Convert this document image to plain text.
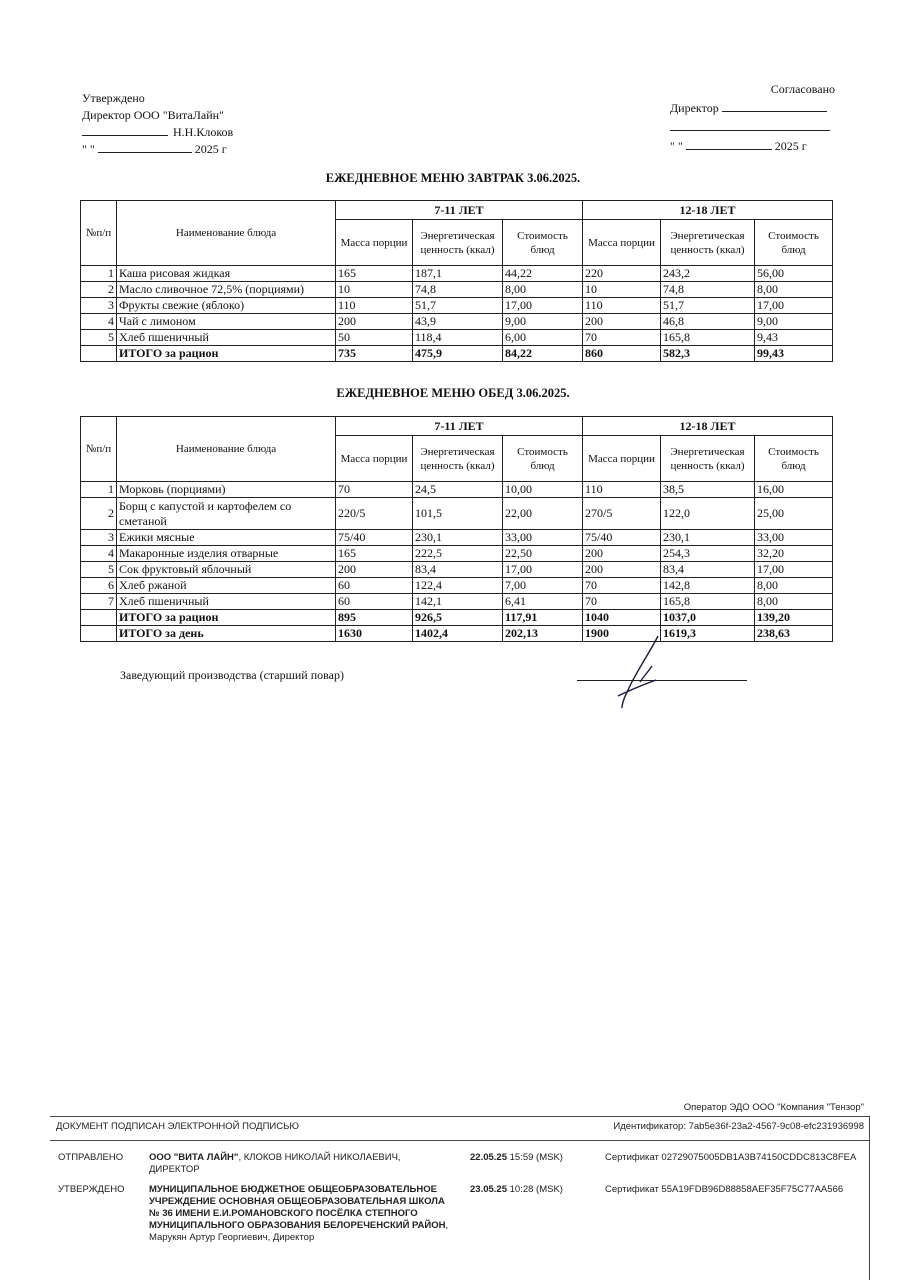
Утверждено
Директор ООО "ВитаЛайн"
Н.Н.Клоков
" "	2025 г
Согласовано
Директор
" "	2025 г
ЕЖЕДНЕВНОЕ МЕНЮ ЗАВТРАК 3.06.2025.
№п/п	Наименование блюда	7-11 ЛЕТ			12-18 ЛЕТ		
		Масса порции	Энергетическая ценность (ккал)	Стоимость блюд	Масса порции	Энергетическая ценность (ккал)	Стоимость блюд
1	Каша рисовая жидкая	165	187,1	44,22	220	243,2	56,00
2	Масло сливочное 72,5% (порциями)	10	74,8	8,00	10	74,8	8,00
3	Фрукты свежие (яблоко)	110	51,7	17,00	110	51,7	17,00
4	Чай с лимоном	200	43,9	9,00	200	46,8	9,00
5	Хлеб пшеничный	50	118,4	6,00	70	165,8	9,43
	ИТОГО за рацион	735	475,9	84,22	860	582,3	99,43
ЕЖЕДНЕВНОЕ МЕНЮ ОБЕД 3.06.2025.
№п/п	Наименование блюда	7-11 ЛЕТ			12-18 ЛЕТ		
		Масса порции	Энергетическая ценность (ккал)	Стоимость блюд	Масса порции	Энергетическая ценность (ккал)	Стоимость блюд
1	Морковь (порциями)	70	24,5	10,00	110	38,5	16,00
2	Борщ с капустой и картофелем со сметаной	220/5	101,5	22,00	270/5	122,0	25,00
3	Ежики мясные	75/40	230,1	33,00	75/40	230,1	33,00
4	Макаронные изделия отварные	165	222,5	22,50	200	254,3	32,20
5	Сок фруктовый яблочный	200	83,4	17,00	200	83,4	17,00
6	Хлеб ржаной	60	122,4	7,00	70	142,8	8,00
7	Хлеб пшеничный	60	142,1	6,41	70	165,8	8,00
	ИТОГО за рацион	895	926,5	117,91	1040	1037,0	139,20
	ИТОГО за день	1630	1402,4	202,13	1900	1619,3	238,63
Заведующий производства (старший повар)
Оператор ЭДО ООО "Компания "Тензор"
ДОКУМЕНТ ПОДПИСАН ЭЛЕКТРОННОЙ ПОДПИСЬЮ	Идентификатор: 7ab5e36f-23a2-4567-9c08-efc231936998
ОТПРАВЛЕНО	ООО "ВИТА ЛАЙН", КЛОКОВ НИКОЛАЙ НИКОЛАЕВИЧ, ДИРЕКТОР
22.05.25 15:59 (MSK)	Сертификат 02729075005DB1A3B74150CDDC813C8FEA
УТВЕРЖДЕНО	МУНИЦИПАЛЬНОЕ БЮДЖЕТНОЕ ОБЩЕОБРАЗОВАТЕЛЬНОЕ УЧРЕЖДЕНИЕ ОСНОВНАЯ ОБЩЕОБРАЗОВАТЕЛЬНАЯ ШКОЛА № 36 ИМЕНИ Е.И.РОМАНОВСКОГО ПОСЁЛКА СТЕПНОГО МУНИЦИПАЛЬНОГО ОБРАЗОВАНИЯ БЕЛОРЕЧЕНСКИЙ РАЙОН, Марукян Артур Георгиевич, Директор
23.05.25 10:28 (MSK)	Сертификат 55A19FDB96D88858AEF35F75C77AA566
